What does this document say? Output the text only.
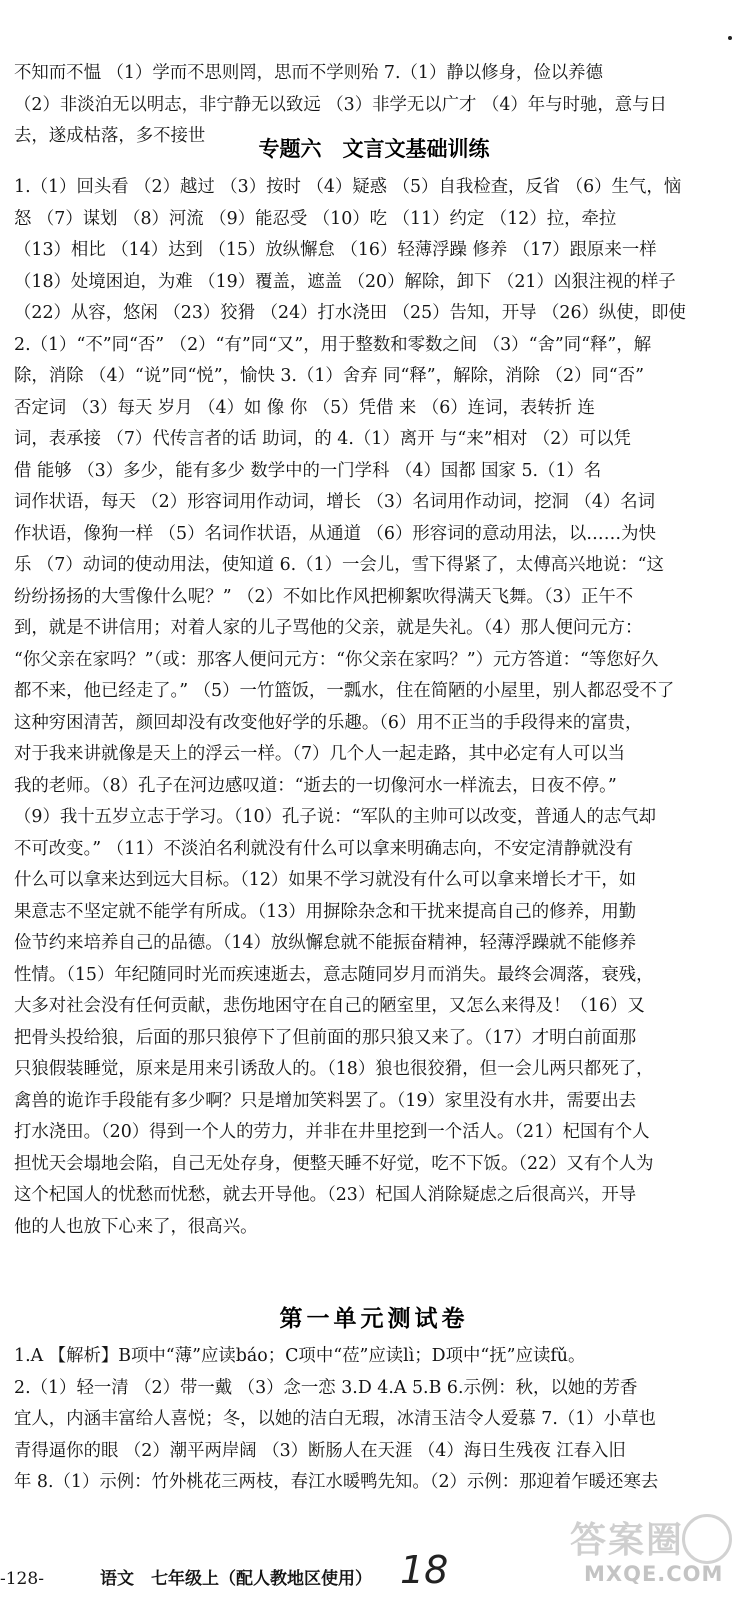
不知而不愠 （1）学而不思则罔，思而不学则殆 7.（1）静以修身，俭以养德

（2）非淡泊无以明志，非宁静无以致远 （3）非学无以广才 （4）年与时驰，意与日

去，遂成枯落，多不接世

专题六　文言文基础训练

1.（1）回头看 （2）越过 （3）按时 （4）疑惑 （5）自我检查，反省 （6）生气，恼

怒 （7）谋划 （8）河流 （9）能忍受 （10）吃 （11）约定 （12）拉，牵拉

（13）相比 （14）达到 （15）放纵懈怠 （16）轻薄浮躁 修养 （17）跟原来一样

（18）处境困迫，为难 （19）覆盖，遮盖 （20）解除，卸下 （21）凶狠注视的样子

（22）从容，悠闲 （23）狡猾 （24）打水浇田 （25）告知，开导 （26）纵使，即使

2.（1）“不”同“否” （2）“有”同“又”，用于整数和零数之间 （3）“舍”同“释”，解

除，消除 （4）“说”同“悦”，愉快 3.（1）舍弃 同“释”，解除，消除 （2）同“否”

否定词 （3）每天 岁月 （4）如 像 你 （5）凭借 来 （6）连词，表转折 连

词，表承接 （7）代传言者的话 助词，的 4.（1）离开 与“来”相对 （2）可以凭

借 能够 （3）多少，能有多少 数学中的一门学科 （4）国都 国家 5.（1）名

词作状语，每天 （2）形容词用作动词，增长 （3）名词用作动词，挖洞 （4）名词

作状语，像狗一样 （5）名词作状语，从通道 （6）形容词的意动用法，以……为快

乐 （7）动词的使动用法，使知道 6.（1）一会儿，雪下得紧了，太傅高兴地说：“这

纷纷扬扬的大雪像什么呢？” （2）不如比作风把柳絮吹得满天飞舞。（3）正午不

到，就是不讲信用；对着人家的儿子骂他的父亲，就是失礼。（4）那人便问元方：

“你父亲在家吗？”（或：那客人便问元方：“你父亲在家吗？”）元方答道：“等您好久

都不来，他已经走了。” （5）一竹篮饭，一瓢水，住在简陋的小屋里，别人都忍受不了

这种穷困清苦，颜回却没有改变他好学的乐趣。（6）用不正当的手段得来的富贵，

对于我来讲就像是天上的浮云一样。（7）几个人一起走路，其中必定有人可以当

我的老师。（8）孔子在河边感叹道：“逝去的一切像河水一样流去，日夜不停。”

（9）我十五岁立志于学习。（10）孔子说：“军队的主帅可以改变，普通人的志气却

不可改变。” （11）不淡泊名利就没有什么可以拿来明确志向，不安定清静就没有

什么可以拿来达到远大目标。（12）如果不学习就没有什么可以拿来增长才干，如

果意志不坚定就不能学有所成。（13）用摒除杂念和干扰来提高自己的修养，用勤

俭节约来培养自己的品德。（14）放纵懈怠就不能振奋精神，轻薄浮躁就不能修养

性情。（15）年纪随同时光而疾速逝去，意志随同岁月而消失。最终会凋落，衰残，

大多对社会没有任何贡献，悲伤地困守在自己的陋室里，又怎么来得及！（16）又

把骨头投给狼，后面的那只狼停下了但前面的那只狼又来了。（17）才明白前面那

只狼假装睡觉，原来是用来引诱敌人的。（18）狼也很狡猾，但一会儿两只都死了，

禽兽的诡诈手段能有多少啊？只是增加笑料罢了。（19）家里没有水井，需要出去

打水浇田。（20）得到一个人的劳力，并非在井里挖到一个活人。（21）杞国有个人

担忧天会塌地会陷，自己无处存身，便整天睡不好觉，吃不下饭。（22）又有个人为

这个杞国人的忧愁而忧愁，就去开导他。（23）杞国人消除疑虑之后很高兴，开导

他的人也放下心来了，很高兴。

第一单元测试卷

1.A 【解析】B项中“薄”应读báo；C项中“莅”应读lì；D项中“抚”应读fǔ。

2.（1）轻一清 （2）带一戴 （3）念一恋 3.D 4.A 5.B 6.示例：秋，以她的芳香

宜人，内涵丰富给人喜悦；冬，以她的洁白无瑕，冰清玉洁令人爱慕 7.（1）小草也

青得逼你的眼 （2）潮平两岸阔 （3）断肠人在天涯 （4）海日生残夜 江春入旧

年 8.（1）示例：竹外桃花三两枝，春江水暖鸭先知。（2）示例：那迎着乍暖还寒去

-128-	语文　七年级上（配人教地区使用） 18
答案圈
MXQE.COM
